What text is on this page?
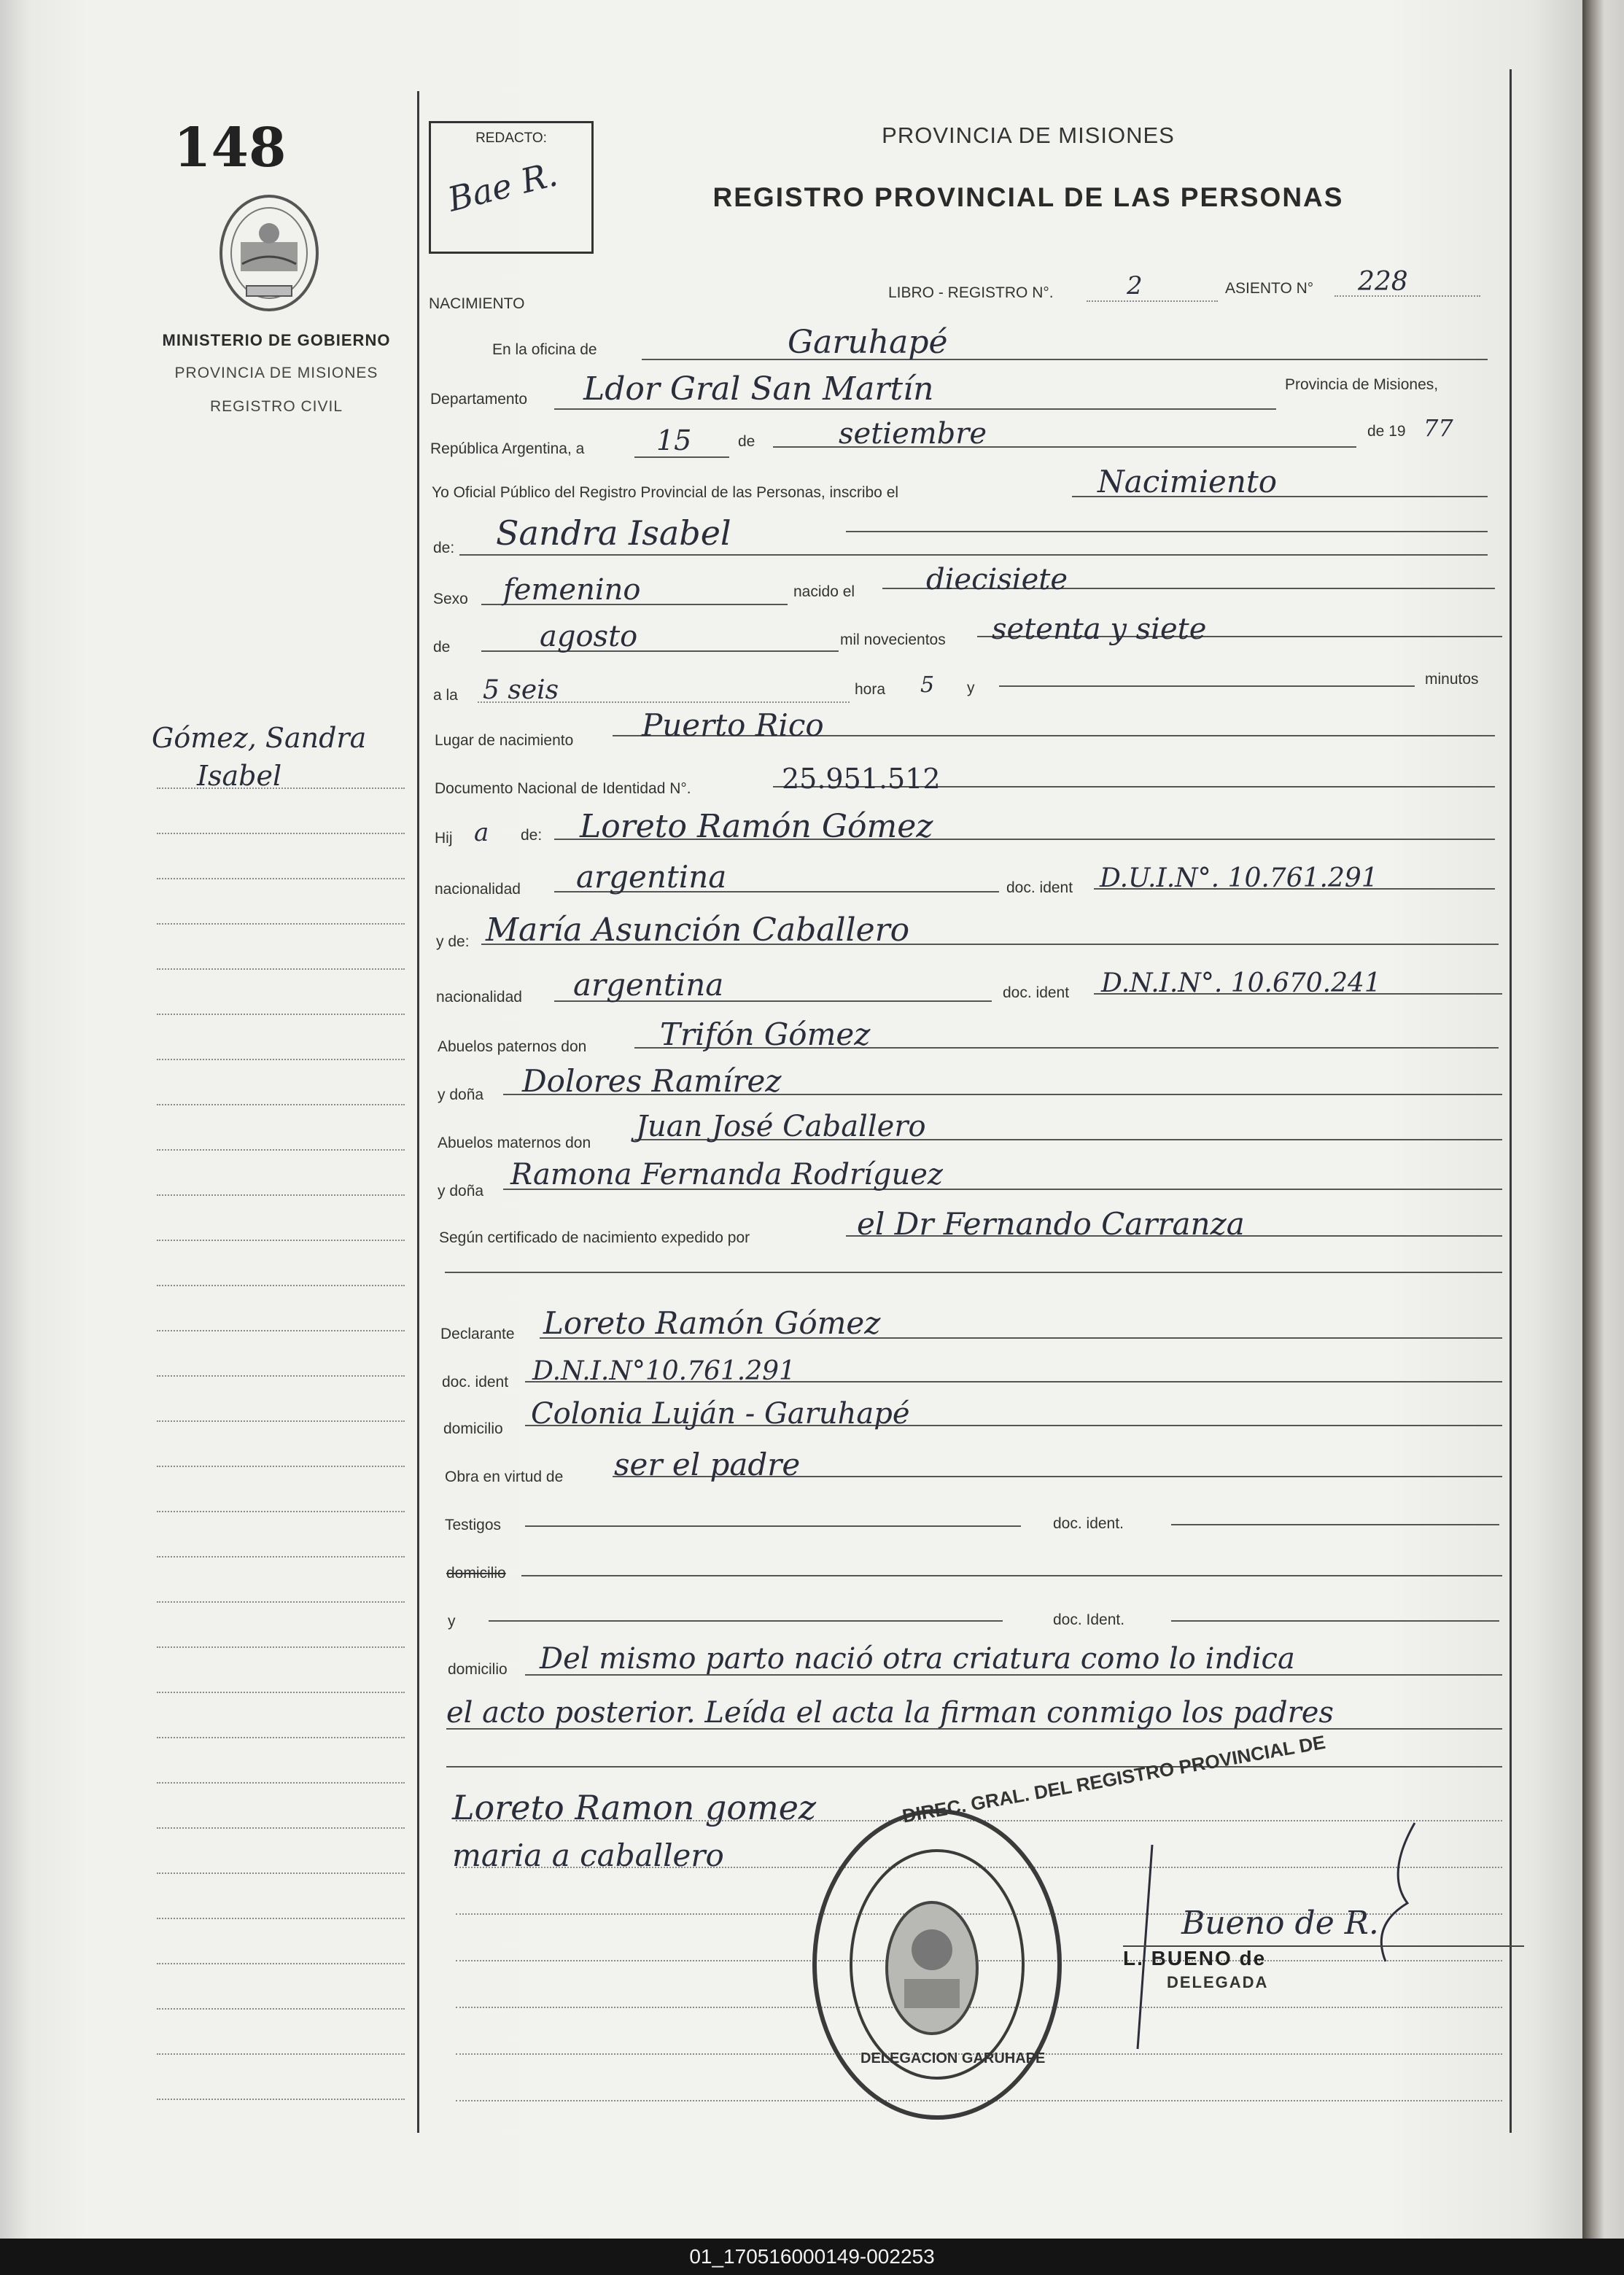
01_170516000149-002253
148
MINISTERIO DE GOBIERNO
PROVINCIA DE MISIONES
REGISTRO CIVIL
Gómez, Sandra
Isabel
REDACTO:
Bae R.
PROVINCIA DE MISIONES
REGISTRO PROVINCIAL DE LAS PERSONAS
NACIMIENTO
LIBRO - REGISTRO N°.	2	ASIENTO N° 228
En la oficina de	Garuhapé
Departamento Ldor Gral San Martín	Provincia de Misiones,
República Argentina, a	15	de	setiembre	de 19 77
Yo Oficial Público del Registro Provincial de las Personas, inscribo el	Nacimiento
de: Sandra Isabel
Sexo femenino	nacido el diecisiete
de	agosto	mil novecientos setenta y siete
a la 5 seis	hora 5 y
minutos
Lugar de nacimiento Puerto Rico
Documento Nacional de Identidad N°.	25.951.512
Hij a de: Loreto Ramón Gómez
nacionalidad argentina	doc. ident D.U.I.N°. 10.761.291
y de: María Asunción Caballero
nacionalidad argentina	doc. ident D.N.I.N°. 10.670.241
Abuelos paternos don Trifón Gómez
y doña Dolores Ramírez
Abuelos maternos don Juan José Caballero
y doña Ramona Fernanda Rodríguez
Según certificado de nacimiento expedido por	el Dr Fernando Carranza
Declarante Loreto Ramón Gómez
doc. ident D.N.I.N°10.761.291
domicilio Colonia Luján - Garuhapé
Obra en virtud de ser el padre
Testigos	doc. ident.
domicilio
y	doc. Ident.
domicilio Del mismo parto nació otra criatura como lo indica
el acto posterior. Leída el acta la firman conmigo los padres
Loreto Ramon gomez
maria a caballero
DIREC. GRAL. DEL REGISTRO PROVINCIAL DE
DELEGACION GARUHAPE
Bueno de R.
L. BUENO de
DELEGADA
